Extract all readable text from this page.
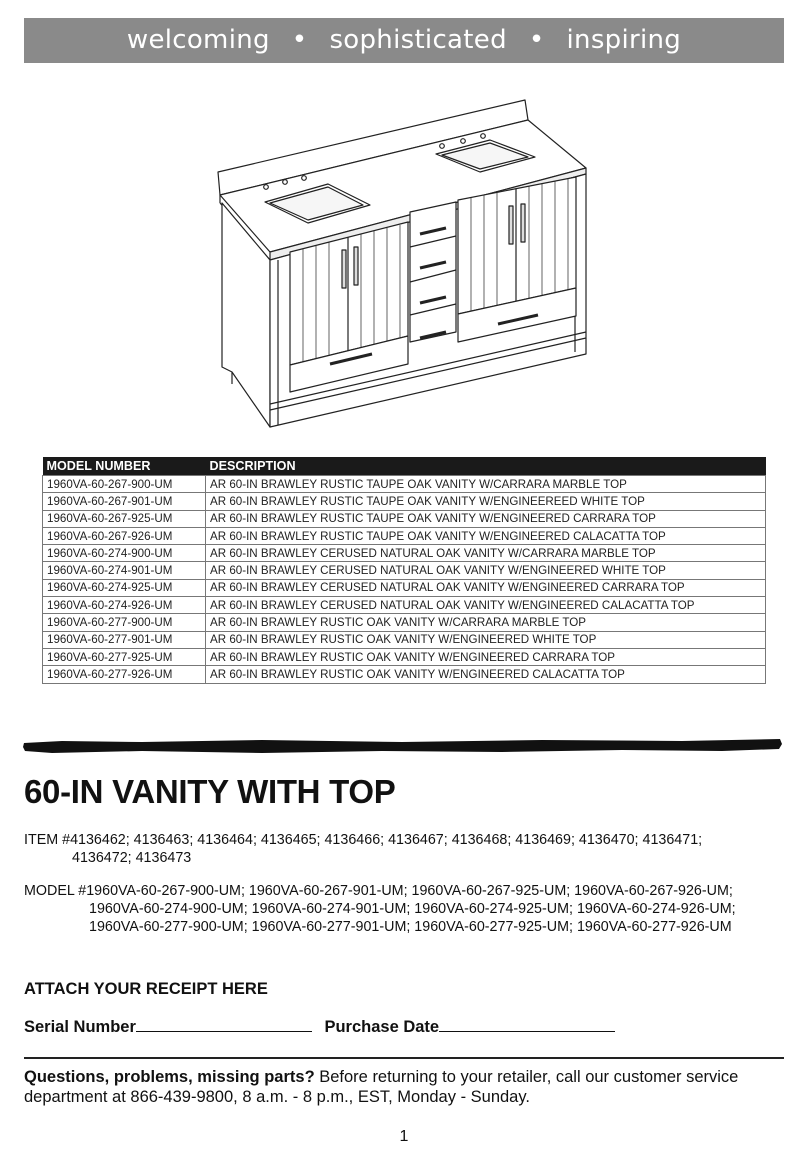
welcoming • sophisticated • inspiring
MODEL NUMBER	DESCRIPTION
1960VA-60-267-900-UM	AR 60-IN BRAWLEY RUSTIC TAUPE OAK VANITY W/CARRARA MARBLE TOP
1960VA-60-267-901-UM	AR 60-IN BRAWLEY RUSTIC TAUPE OAK VANITY W/ENGINEEREED WHITE TOP
1960VA-60-267-925-UM	AR 60-IN BRAWLEY RUSTIC TAUPE OAK VANITY W/ENGINEERED CARRARA TOP
1960VA-60-267-926-UM	AR 60-IN BRAWLEY RUSTIC TAUPE OAK VANITY W/ENGINEERED CALACATTA TOP
1960VA-60-274-900-UM	AR 60-IN BRAWLEY CERUSED NATURAL OAK VANITY W/CARRARA MARBLE TOP
1960VA-60-274-901-UM	AR 60-IN BRAWLEY CERUSED NATURAL OAK VANITY W/ENGINEERED WHITE TOP
1960VA-60-274-925-UM	AR 60-IN BRAWLEY CERUSED NATURAL OAK VANITY W/ENGINEERED CARRARA TOP
1960VA-60-274-926-UM	AR 60-IN BRAWLEY CERUSED NATURAL OAK VANITY W/ENGINEERED CALACATTA TOP
1960VA-60-277-900-UM	AR 60-IN BRAWLEY RUSTIC OAK VANITY W/CARRARA MARBLE TOP
1960VA-60-277-901-UM	AR 60-IN BRAWLEY RUSTIC OAK VANITY W/ENGINEERED WHITE TOP
1960VA-60-277-925-UM	AR 60-IN BRAWLEY RUSTIC OAK VANITY W/ENGINEERED CARRARA TOP
1960VA-60-277-926-UM	AR 60-IN BRAWLEY RUSTIC OAK VANITY W/ENGINEERED CALACATTA TOP
60-IN VANITY WITH TOP
ITEM #4136462; 4136463; 4136464; 4136465; 4136466; 4136467; 4136468; 4136469; 4136470; 4136471;
4136472; 4136473
MODEL #1960VA-60-267-900-UM; 1960VA-60-267-901-UM; 1960VA-60-267-925-UM; 1960VA-60-267-926-UM;
1960VA-60-274-900-UM; 1960VA-60-274-901-UM; 1960VA-60-274-925-UM; 1960VA-60-274-926-UM;
1960VA-60-277-900-UM; 1960VA-60-277-901-UM; 1960VA-60-277-925-UM; 1960VA-60-277-926-UM
ATTACH YOUR RECEIPT HERE
Serial Number	Purchase Date
Questions, problems, missing parts? Before returning to your retailer, call our customer service department at 866-439-9800, 8 a.m. - 8 p.m., EST, Monday - Sunday.
1
